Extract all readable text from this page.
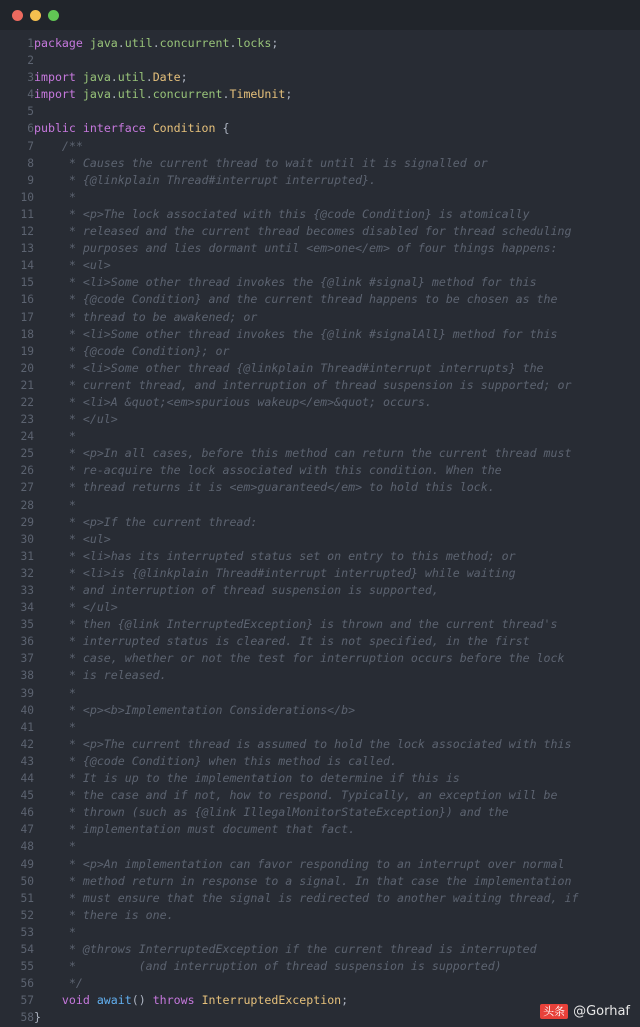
1	package java.util.concurrent.locks;
2	
3	import java.util.Date;
4	import java.util.concurrent.TimeUnit;
5	
6	public interface Condition {
7	/**
8	* Causes the current thread to wait until it is signalled or
9	* {@linkplain Thread#interrupt interrupted}.
10	*
11	* <p>The lock associated with this {@code Condition} is atomically
12	* released and the current thread becomes disabled for thread scheduling
13	* purposes and lies dormant until <em>one</em> of four things happens:
14	* <ul>
15	* <li>Some other thread invokes the {@link #signal} method for this
16	* {@code Condition} and the current thread happens to be chosen as the
17	* thread to be awakened; or
18	* <li>Some other thread invokes the {@link #signalAll} method for this
19	* {@code Condition}; or
20	* <li>Some other thread {@linkplain Thread#interrupt interrupts} the
21	* current thread, and interruption of thread suspension is supported; or
22	* <li>A &quot;<em>spurious wakeup</em>&quot; occurs.
23	* </ul>
24	*
25	* <p>In all cases, before this method can return the current thread must
26	* re-acquire the lock associated with this condition. When the
27	* thread returns it is <em>guaranteed</em> to hold this lock.
28	*
29	* <p>If the current thread:
30	* <ul>
31	* <li>has its interrupted status set on entry to this method; or
32	* <li>is {@linkplain Thread#interrupt interrupted} while waiting
33	* and interruption of thread suspension is supported,
34	* </ul>
35	* then {@link InterruptedException} is thrown and the current thread's
36	* interrupted status is cleared. It is not specified, in the first
37	* case, whether or not the test for interruption occurs before the lock
38	* is released.
39	*
40	* <p><b>Implementation Considerations</b>
41	*
42	* <p>The current thread is assumed to hold the lock associated with this
43	* {@code Condition} when this method is called.
44	* It is up to the implementation to determine if this is
45	* the case and if not, how to respond. Typically, an exception will be
46	* thrown (such as {@link IllegalMonitorStateException}) and the
47	* implementation must document that fact.
48	*
49	* <p>An implementation can favor responding to an interrupt over normal
50	* method return in response to a signal. In that case the implementation
51	* must ensure that the signal is redirected to another waiting thread, if
52	* there is one.
53	*
54	* @throws InterruptedException if the current thread is interrupted
55	*         (and interruption of thread suspension is supported)
56	*/
57	void await() throws InterruptedException;
58	}	头条 @Gorhaf
